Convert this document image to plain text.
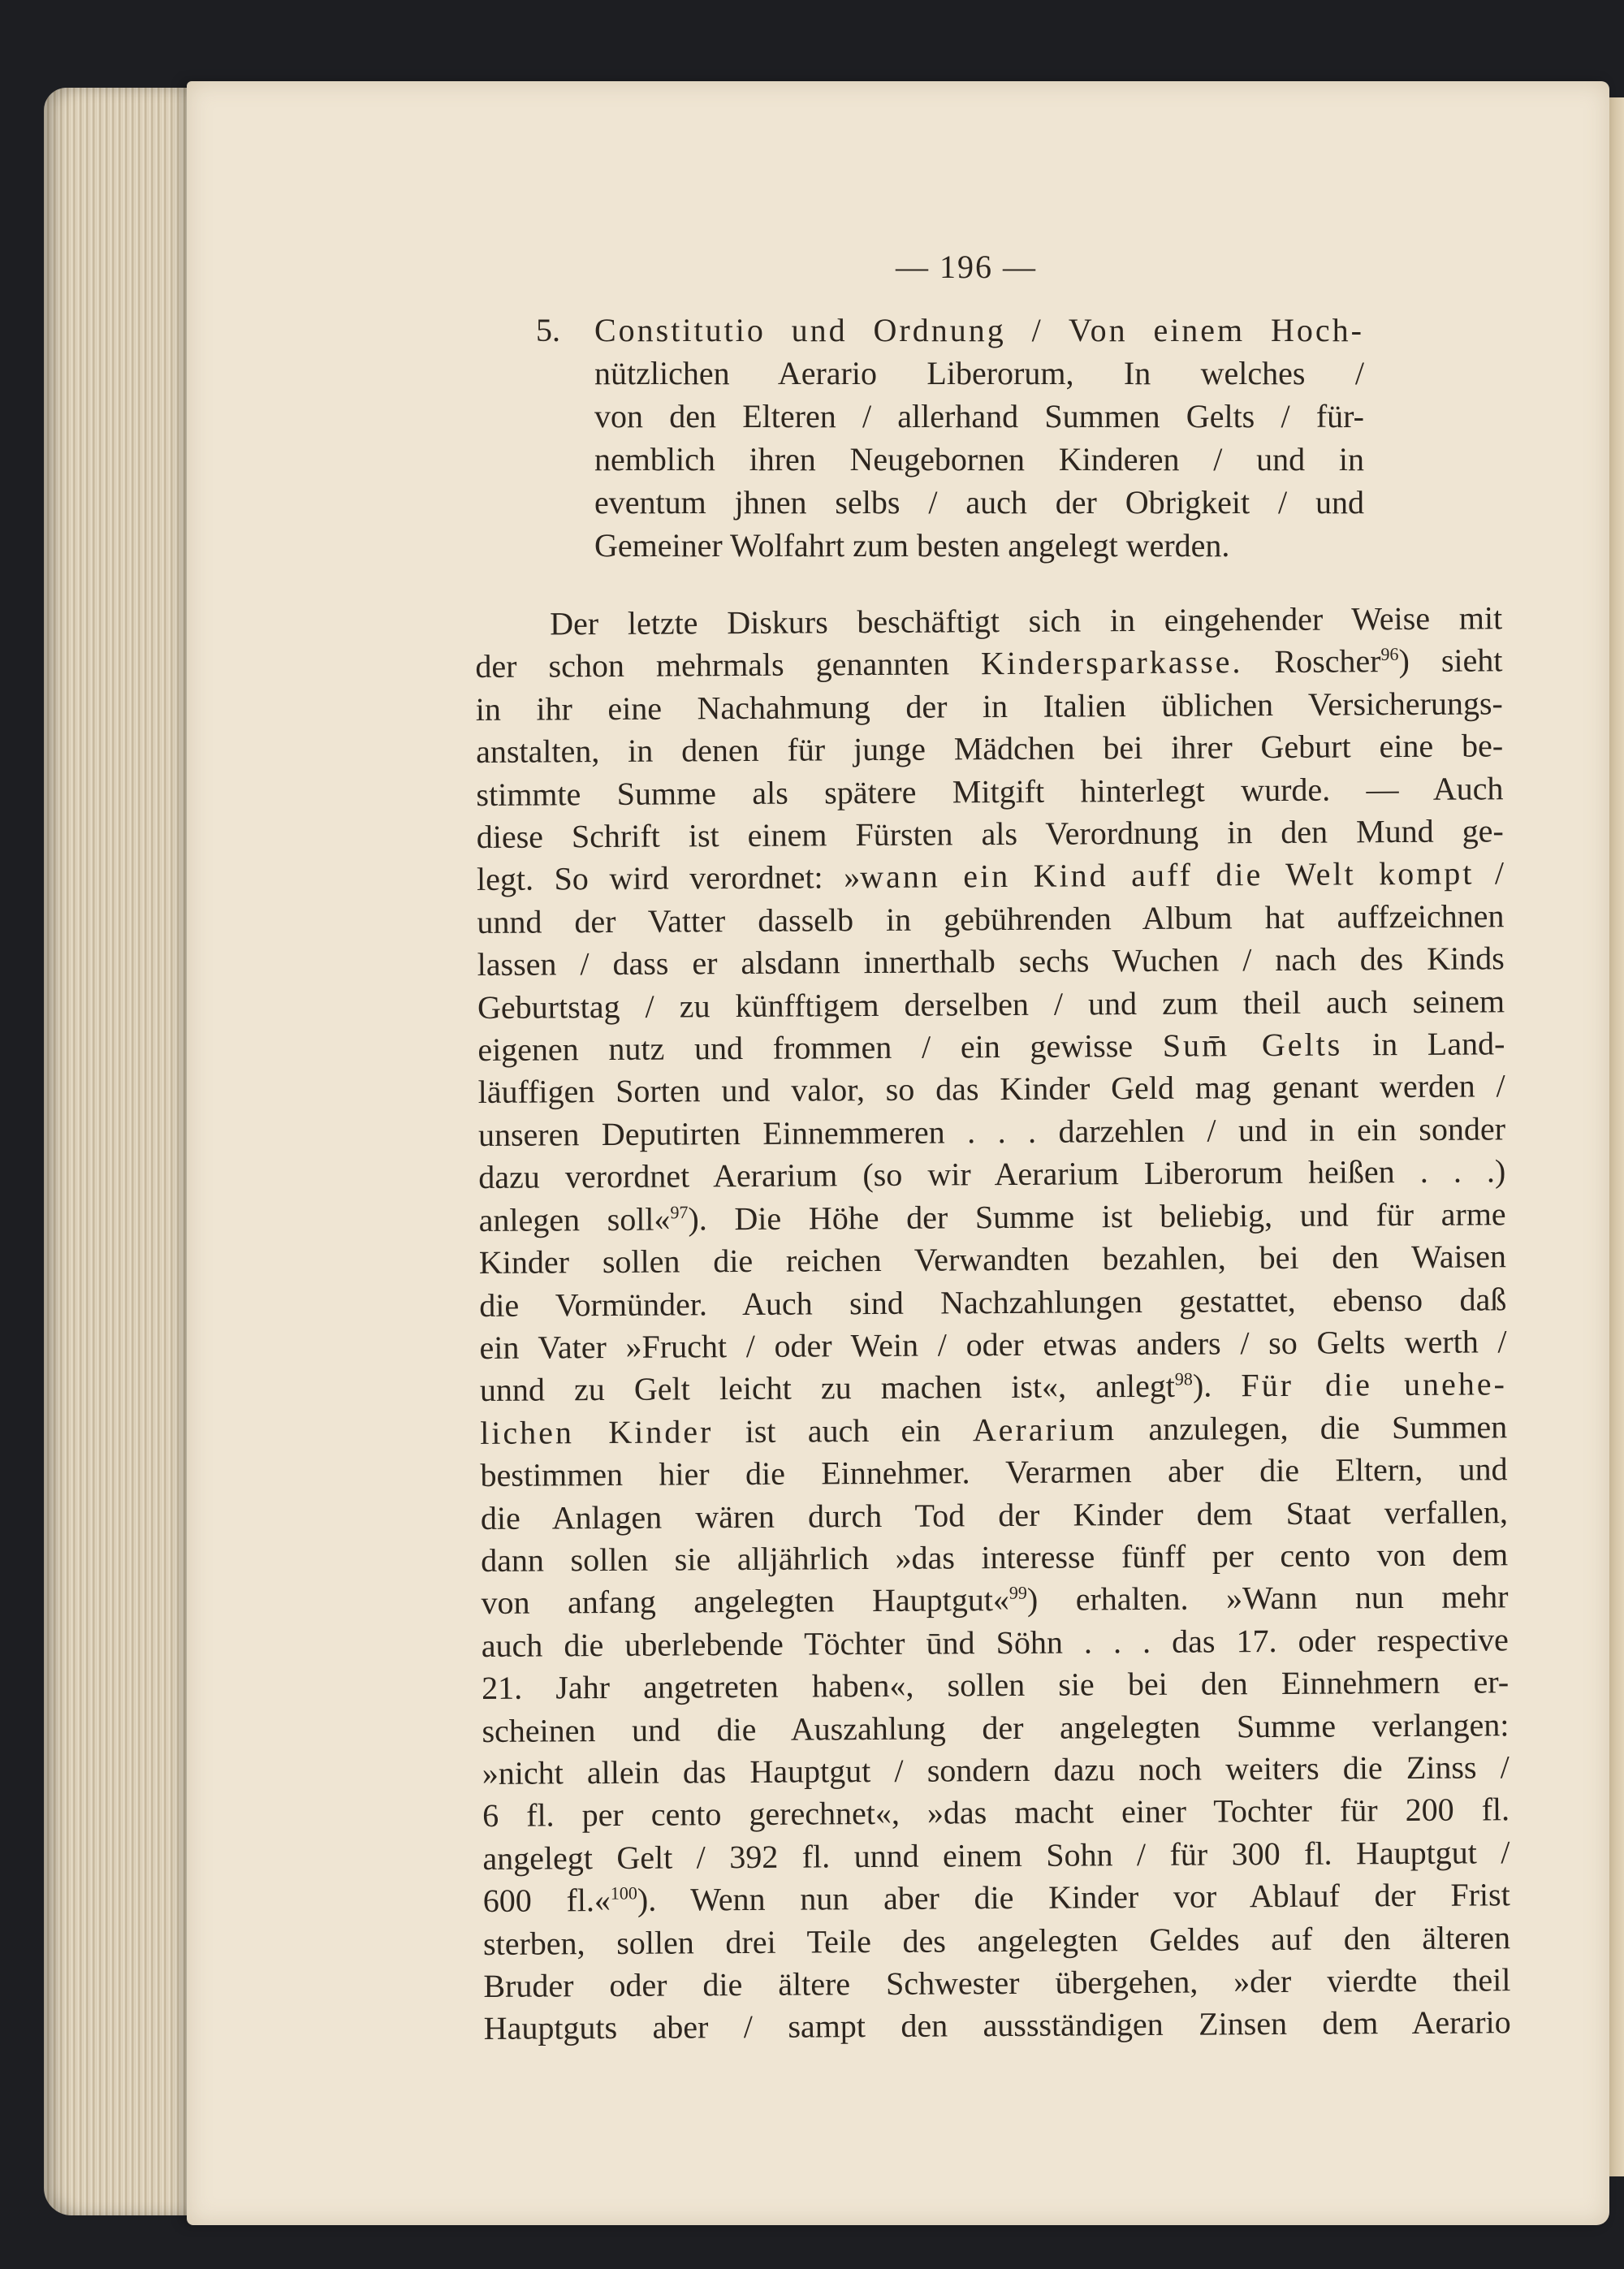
— 196 —
5.	Constitutio und Ordnung / Von einem Hoch-
nützlichen Aerario Liberorum, In welches /
von den Elteren / allerhand Summen Gelts / für-
nemblich ihren Neugebornen Kinderen / und in
eventum jhnen selbs / auch der Obrigkeit / und
Gemeiner Wolfahrt zum besten angelegt werden.
Der letzte Diskurs beschäftigt sich in eingehender Weise mit
der schon mehrmals genannten Kindersparkasse. Roscher$^{96}$) sieht
in ihr eine Nachahmung der in Italien üblichen Versicherungs-
anstalten, in denen für junge Mädchen bei ihrer Geburt eine be-
stimmte Summe als spätere Mitgift hinterlegt wurde. — Auch
diese Schrift ist einem Fürsten als Verordnung in den Mund ge-
legt. So wird verordnet: »wann ein Kind auff die Welt kompt /
unnd der Vatter dasselb in gebührenden Album hat auffzeichnen
lassen / dass er alsdann innerthalb sechs Wuchen / nach des Kinds
Geburtstag / zu künfftigem derselben / und zum theil auch seinem
eigenen nutz und frommen / ein gewisse Sum̄ Gelts in Land-
läuffigen Sorten und valor, so das Kinder Geld mag genant werden /
unseren Deputirten Einnemmeren . . . darzehlen / und in ein sonder
dazu verordnet Aerarium (so wir Aerarium Liberorum heißen . . .)
anlegen soll«$^{97}$). Die Höhe der Summe ist beliebig, und für arme
Kinder sollen die reichen Verwandten bezahlen, bei den Waisen
die Vormünder. Auch sind Nachzahlungen gestattet, ebenso daß
ein Vater »Frucht / oder Wein / oder etwas anders / so Gelts werth /
unnd zu Gelt leicht zu machen ist«, anlegt$^{98}$). Für die unehe-
lichen Kinder ist auch ein Aerarium anzulegen, die Summen
bestimmen hier die Einnehmer. Verarmen aber die Eltern, und
die Anlagen wären durch Tod der Kinder dem Staat verfallen,
dann sollen sie alljährlich »das interesse fünff per cento von dem
von anfang angelegten Hauptgut«$^{99}$) erhalten. »Wann nun mehr
auch die uberlebende Töchter ūnd Söhn . . . das 17. oder respective
21. Jahr angetreten haben«, sollen sie bei den Einnehmern er-
scheinen und die Auszahlung der angelegten Summe verlangen:
»nicht allein das Hauptgut / sondern dazu noch weiters die Zinss /
6 fl. per cento gerechnet«, »das macht einer Tochter für 200 fl.
angelegt Gelt / 392 fl. unnd einem Sohn / für 300 fl. Hauptgut /
600 fl.«$^{100}$). Wenn nun aber die Kinder vor Ablauf der Frist
sterben, sollen drei Teile des angelegten Geldes auf den älteren
Bruder oder die ältere Schwester übergehen, »der vierdte theil
Hauptguts aber / sampt den aussständigen Zinsen dem Aerario
